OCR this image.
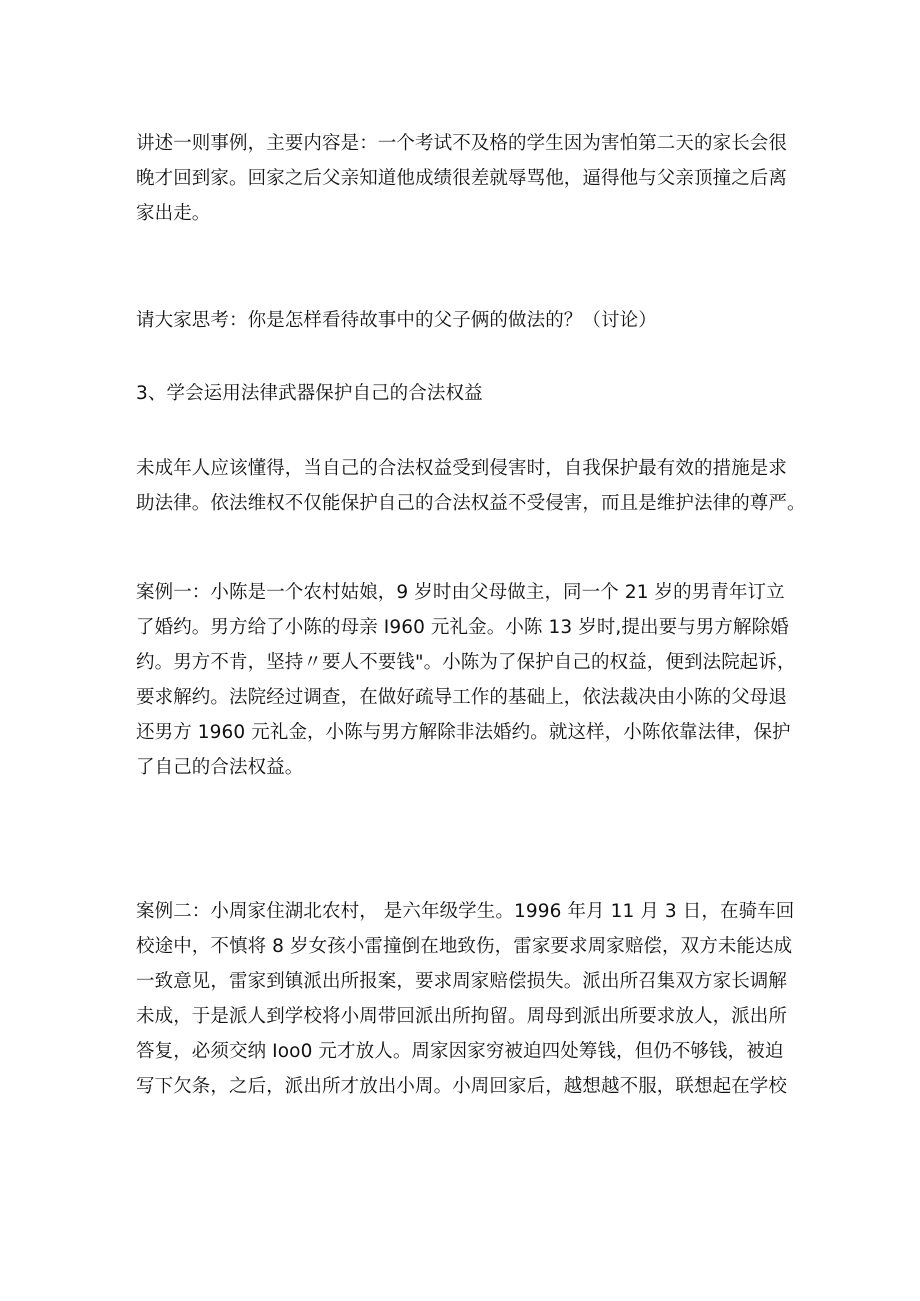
讲述一则事例，主要内容是：一个考试不及格的学生因为害怕第二天的家长会很
晚才回到家。回家之后父亲知道他成绩很差就辱骂他，逼得他与父亲顶撞之后离
家出走。

请大家思考：你是怎样看待故事中的父子俩的做法的？（讨论）

3、学会运用法律武器保护自己的合法权益

未成年人应该懂得，当自己的合法权益受到侵害时，自我保护最有效的措施是求
助法律。依法维权不仅能保护自己的合法权益不受侵害，而且是维护法律的尊严。

案例一：小陈是一个农村姑娘，9 岁时由父母做主，同一个 21 岁的男青年订立
了婚约。男方给了小陈的母亲 I960 元礼金。小陈 13 岁时,提出要与男方解除婚
约。男方不肯，坚持〃要人不要钱"。小陈为了保护自己的权益，便到法院起诉，
要求解约。法院经过调查，在做好疏导工作的基础上，依法裁决由小陈的父母退
还男方 1960 元礼金，小陈与男方解除非法婚约。就这样，小陈依靠法律，保护
了自己的合法权益。

案例二：小周家住湖北农村， 是六年级学生。1996 年月 11 月 3 日，在骑车回
校途中，不慎将 8 岁女孩小雷撞倒在地致伤，雷家要求周家赔偿，双方未能达成
一致意见，雷家到镇派出所报案，要求周家赔偿损失。派出所召集双方家长调解
未成，于是派人到学校将小周带回派出所拘留。周母到派出所要求放人，派出所
答复，必须交纳 Ioo0 元才放人。周家因家穷被迫四处筹钱，但仍不够钱，被迫
写下欠条，之后，派出所才放出小周。小周回家后，越想越不服，联想起在学校
